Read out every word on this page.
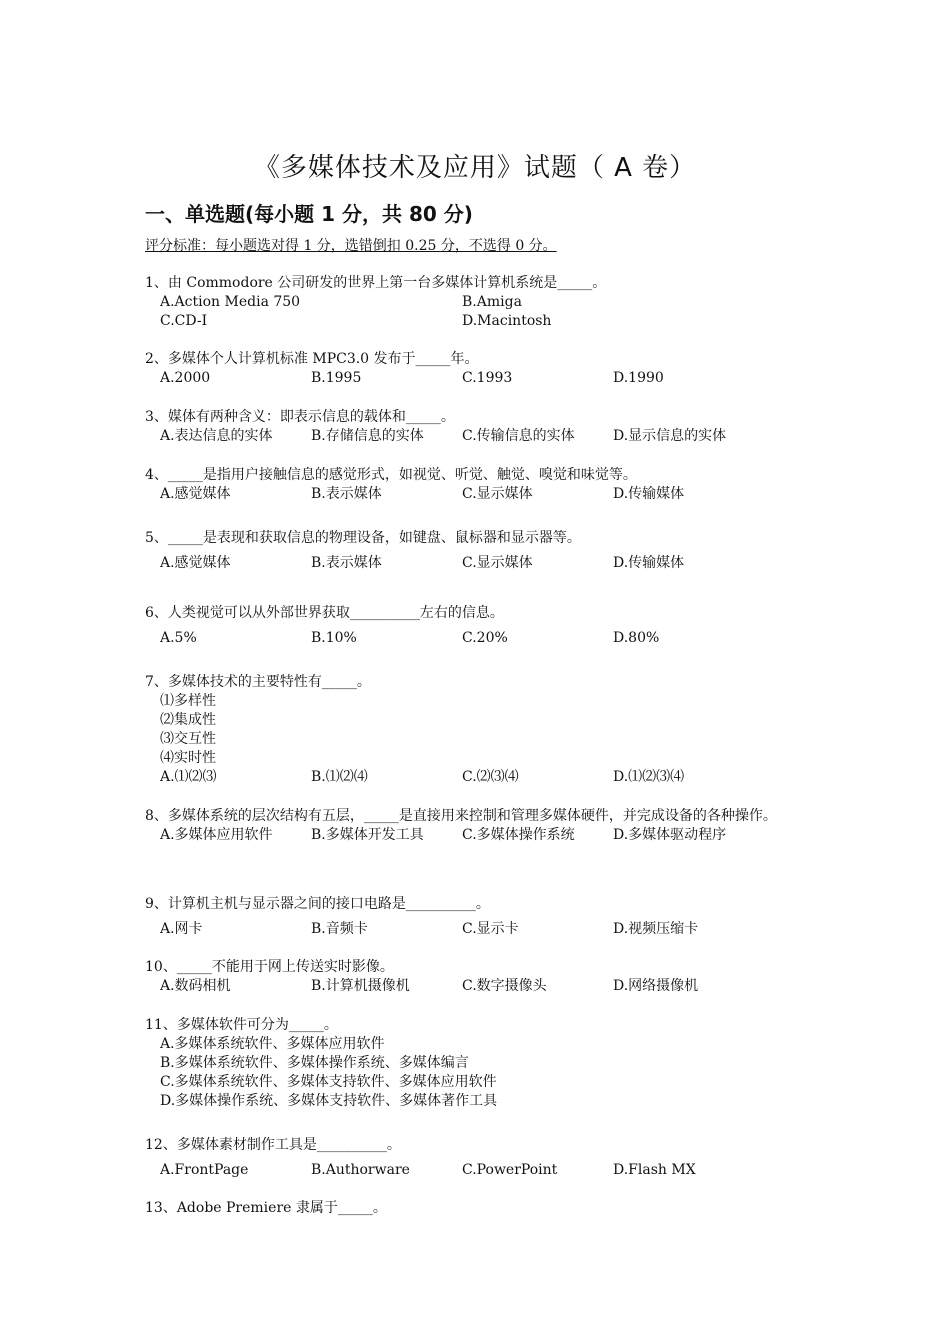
《多媒体技术及应用》试题（ A 卷）
一、单选题(每小题 1 分，共 80 分)
评分标准：每小题选对得 1 分，选错倒扣 0.25 分，不选得 0 分。
1、由 Commodore 公司研发的世界上第一台多媒体计算机系统是_____。
A.Action Media 750	B.Amiga
C.CD-I	D.Macintosh
2、多媒体个人计算机标准 MPC3.0 发布于_____年。
A.2000	B.1995	C.1993	D.1990
3、媒体有两种含义：即表示信息的载体和_____。
A.表达信息的实体	B.存储信息的实体	C.传输信息的实体	D.显示信息的实体
4、_____是指用户接触信息的感觉形式，如视觉、听觉、触觉、嗅觉和味觉等。
A.感觉媒体	B.表示媒体	C.显示媒体	D.传输媒体
5、_____是表现和获取信息的物理设备，如键盘、鼠标器和显示器等。
A.感觉媒体	B.表示媒体	C.显示媒体	D.传输媒体
6、人类视觉可以从外部世界获取__________左右的信息。
A.5%	B.10%	C.20%	D.80%
7、多媒体技术的主要特性有_____。
⑴多样性
⑵集成性
⑶交互性
⑷实时性
A.⑴⑵⑶	B.⑴⑵⑷	C.⑵⑶⑷	D.⑴⑵⑶⑷
8、多媒体系统的层次结构有五层，_____是直接用来控制和管理多媒体硬件，并完成设备的各种操作。
A.多媒体应用软件	B.多媒体开发工具	C.多媒体操作系统	D.多媒体驱动程序
9、计算机主机与显示器之间的接口电路是__________。
A.网卡	B.音频卡	C.显示卡	D.视频压缩卡
10、_____不能用于网上传送实时影像。
A.数码相机	B.计算机摄像机	C.数字摄像头	D.网络摄像机
11、多媒体软件可分为_____。
A.多媒体系统软件、多媒体应用软件
B.多媒体系统软件、多媒体操作系统、多媒体编言
C.多媒体系统软件、多媒体支持软件、多媒体应用软件
D.多媒体操作系统、多媒体支持软件、多媒体著作工具
12、多媒体素材制作工具是__________。
A.FrontPage	B.Authorware	C.PowerPoint	D.Flash MX
13、Adobe Premiere 隶属于_____。
